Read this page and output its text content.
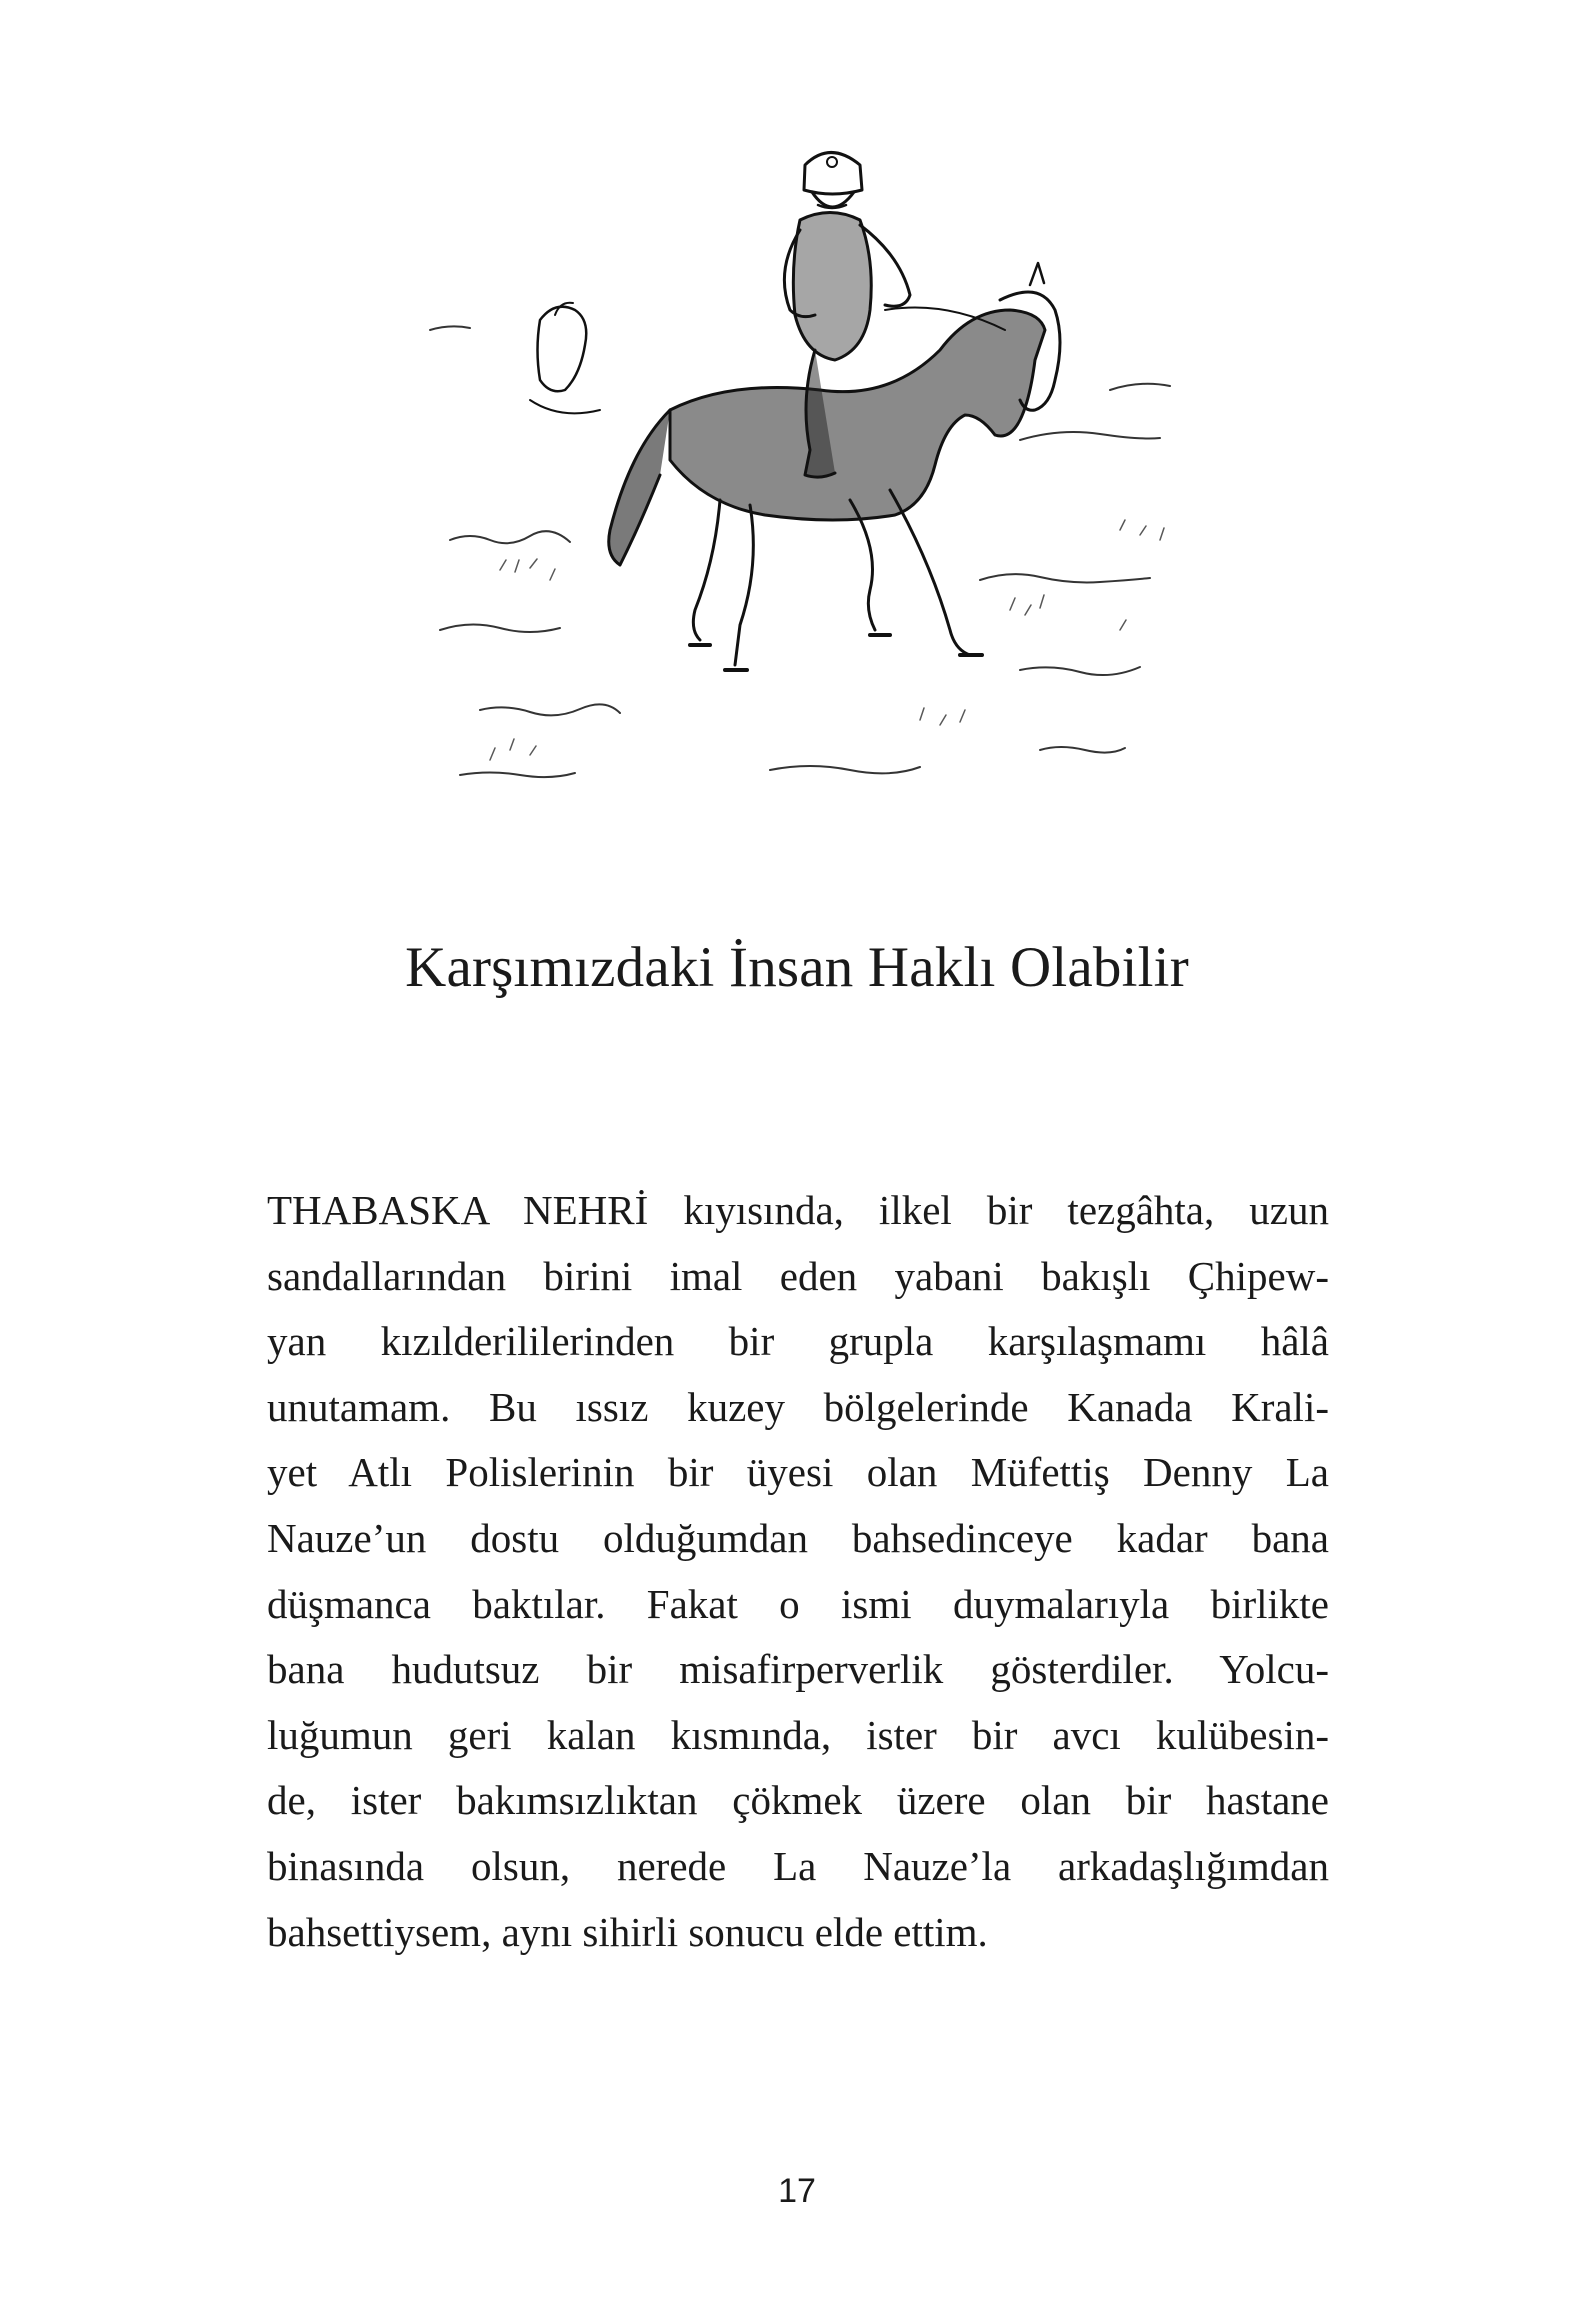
Karşımızdaki İnsan Haklı Olabilir

THABASKA NEHRİ kıyısında, ilkel bir tezgâhta, uzun
sandallarından birini imal eden yabani bakışlı Çhipew-
yan kızılderililerinden bir grupla karşılaşmamı hâlâ
unutamam. Bu ıssız kuzey bölgelerinde Kanada Krali-
yet Atlı Polislerinin bir üyesi olan Müfettiş Denny La
Nauze’un dostu olduğumdan bahsedinceye kadar bana
düşmanca baktılar. Fakat o ismi duymalarıyla birlikte
bana hudutsuz bir misafirperverlik gösterdiler. Yolcu-
luğumun geri kalan kısmında, ister bir avcı kulübesin-
de, ister bakımsızlıktan çökmek üzere olan bir hastane
binasında olsun, nerede La Nauze’la arkadaşlığımdan
bahsettiysem, aynı sihirli sonucu elde ettim.

17
